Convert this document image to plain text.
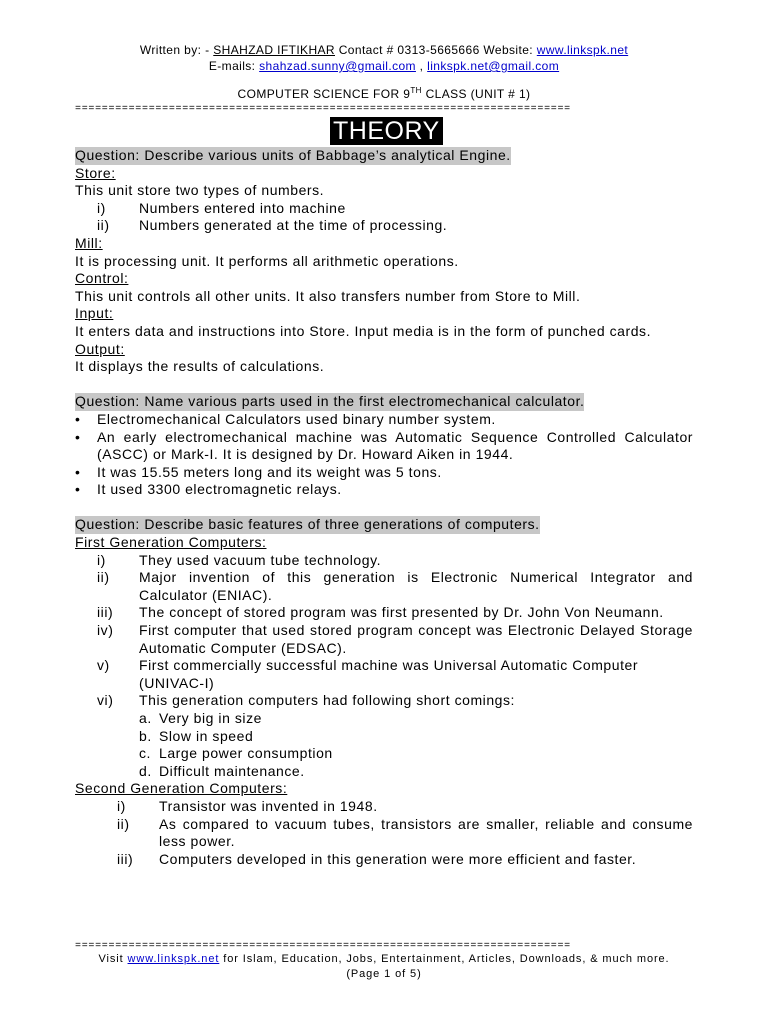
Written by: - SHAHZAD IFTIKHAR Contact # 0313-5665666 Website: www.linkspk.net
E-mails: shahzad.sunny@gmail.com , linkspk.net@gmail.com
COMPUTER SCIENCE FOR 9TH CLASS (UNIT # 1)
==========================================================================
THEORY
Question: Describe various units of Babbage’s analytical Engine.
Store:
This unit store two types of numbers.
i)	Numbers entered into machine
ii)	Numbers generated at the time of processing.
Mill:
It is processing unit. It performs all arithmetic operations.
Control:
This unit controls all other units. It also transfers number from Store to Mill.
Input:
It enters data and instructions into Store. Input media is in the form of punched cards.
Output:
It displays the results of calculations.
Question: Name various parts used in the first electromechanical calculator.
•	Electromechanical Calculators used binary number system.
•	An early electromechanical machine was Automatic Sequence Controlled Calculator (ASCC) or Mark-I. It is designed by Dr. Howard Aiken in 1944.
•	It was 15.55 meters long and its weight was 5 tons.
•	It used 3300 electromagnetic relays.
Question: Describe basic features of three generations of computers.
First Generation Computers:
i)	They used vacuum tube technology.
ii)	Major invention of this generation is Electronic Numerical Integrator and Calculator (ENIAC).
iii)	The concept of stored program was first presented by Dr. John Von Neumann.
iv)	First computer that used stored program concept was Electronic Delayed Storage Automatic Computer (EDSAC).
v)	First commercially successful machine was Universal Automatic Computer (UNIVAC-I)
vi)	This generation computers had following short comings:
a. Very big in size
b. Slow in speed
c. Large power consumption
d. Difficult maintenance.
Second Generation Computers:
i)	Transistor was invented in 1948.
ii)	As compared to vacuum tubes, transistors are smaller, reliable and consume less power.
iii)	Computers developed in this generation were more efficient and faster.
==========================================================================
Visit www.linkspk.net for Islam, Education, Jobs, Entertainment, Articles, Downloads, & much more.
(Page 1 of 5)
